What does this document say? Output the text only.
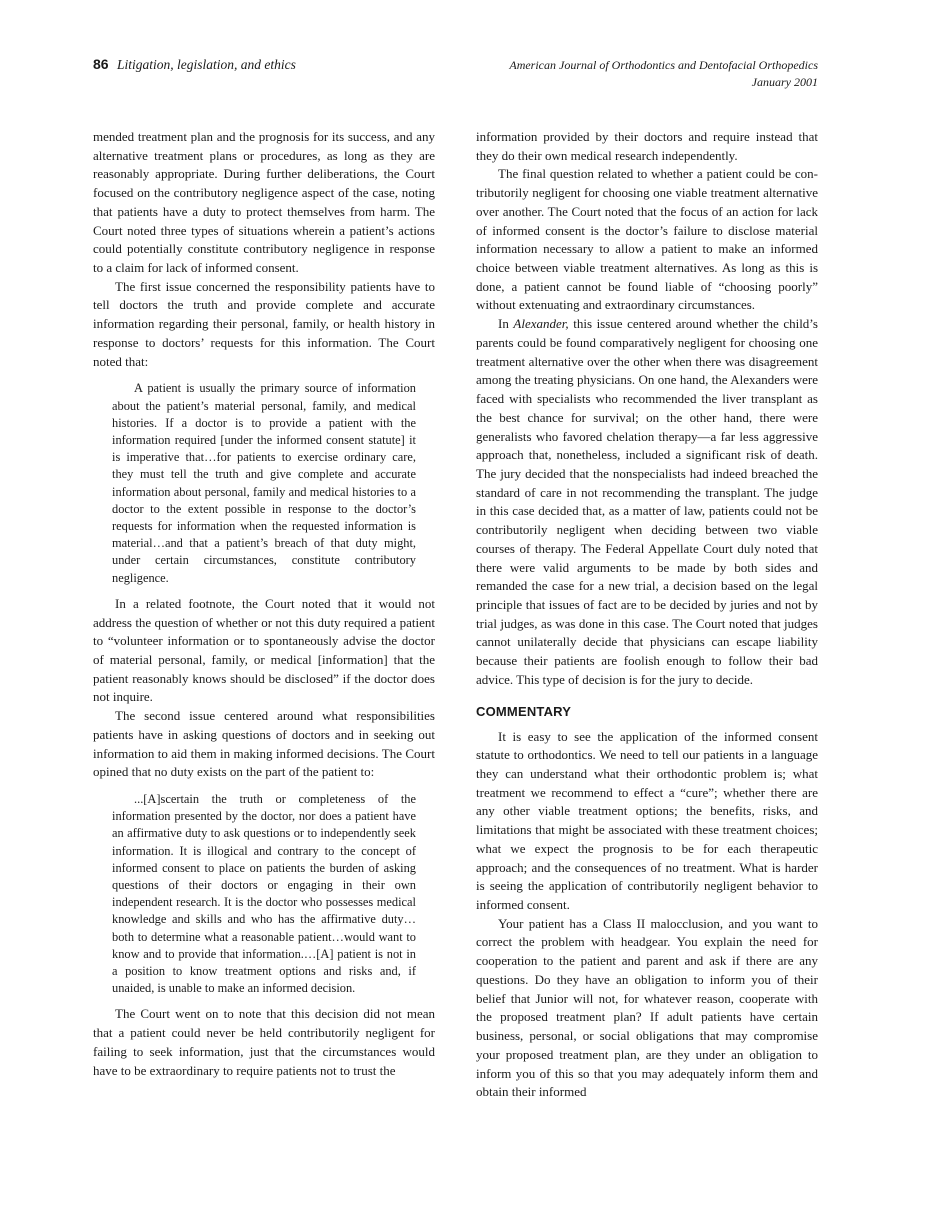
86 Litigation, legislation, and ethics	American Journal of Orthodontics and Dentofacial Orthopedics
January 2001

mended treatment plan and the prognosis for its success, and any alternative treatment plans or procedures, as long as they are reasonably appropriate. During further deliberations, the Court focused on the contributory negligence aspect of the case, noting that patients have a duty to protect themselves from harm. The Court noted three types of situations wherein a patient’s actions could potentially constitute contributory negligence in response to a claim for lack of informed consent.

The first issue concerned the responsibility patients have to tell doctors the truth and provide complete and accurate information regarding their personal, family, or health history in response to doctors’ requests for this information. The Court noted that:

A patient is usually the primary source of information about the patient’s material personal, family, and medical histories. If a doctor is to provide a patient with the information required [under the informed consent statute] it is imperative that…for patients to exercise ordinary care, they must tell the truth and give complete and accurate information about personal, family and medical histories to a doctor to the extent possible in response to the doctor’s requests for information when the requested information is material…and that a patient’s breach of that duty might, under certain circumstances, constitute contributory negligence.

In a related footnote, the Court noted that it would not address the question of whether or not this duty required a patient to “volunteer information or to spontaneously advise the doctor of material personal, family, or medical [information] that the patient reasonably knows should be disclosed” if the doctor does not inquire.

The second issue centered around what responsibilities patients have in asking questions of doctors and in seeking out information to aid them in making informed decisions. The Court opined that no duty exists on the part of the patient to:

...[A]scertain the truth or completeness of the information presented by the doctor, nor does a patient have an affirmative duty to ask questions or to independently seek information. It is illogical and contrary to the concept of informed consent to place on patients the burden of asking questions of their doctors or engaging in their own independent research. It is the doctor who possesses medical knowledge and skills and who has the affirmative duty…both to determine what a reasonable patient…would want to know and to provide that information.…[A] patient is not in a position to know treatment options and risks and, if unaided, is unable to make an informed decision.

The Court went on to note that this decision did not mean that a patient could never be held contributorily negligent for failing to seek information, just that the circumstances would have to be extraordinary to require patients not to trust the

information provided by their doctors and require instead that they do their own medical research independently.

The final question related to whether a patient could be contributorily negligent for choosing one viable treatment alternative over another. The Court noted that the focus of an action for lack of informed consent is the doctor’s failure to disclose material information necessary to allow a patient to make an informed choice between viable treatment alternatives. As long as this is done, a patient cannot be found liable of “choosing poorly” without extenuating and extraordinary circumstances.

In Alexander, this issue centered around whether the child’s parents could be found comparatively negligent for choosing one treatment alternative over the other when there was disagreement among the treating physicians. On one hand, the Alexanders were faced with specialists who recommended the liver transplant as the best chance for survival; on the other hand, there were generalists who favored chelation therapy—a far less aggressive approach that, nonetheless, included a significant risk of death. The jury decided that the nonspecialists had indeed breached the standard of care in not recommending the transplant. The judge in this case decided that, as a matter of law, patients could not be contributorily negligent when deciding between two viable courses of therapy. The Federal Appellate Court duly noted that there were valid arguments to be made by both sides and remanded the case for a new trial, a decision based on the legal principle that issues of fact are to be decided by juries and not by trial judges, as was done in this case. The Court noted that judges cannot unilaterally decide that physicians can escape liability because their patients are foolish enough to follow their bad advice. This type of decision is for the jury to decide.

COMMENTARY

It is easy to see the application of the informed consent statute to orthodontics. We need to tell our patients in a language they can understand what their orthodontic problem is; what treatment we recommend to effect a “cure”; whether there are any other viable treatment options; the benefits, risks, and limitations that might be associated with these treatment choices; what we expect the prognosis to be for each therapeutic approach; and the consequences of no treatment. What is harder is seeing the application of contributorily negligent behavior to informed consent.

Your patient has a Class II malocclusion, and you want to correct the problem with headgear. You explain the need for cooperation to the patient and parent and ask if there are any questions. Do they have an obligation to inform you of their belief that Junior will not, for whatever reason, cooperate with the proposed treatment plan? If adult patients have certain business, personal, or social obligations that may compromise your proposed treatment plan, are they under an obligation to inform you of this so that you may adequately inform them and obtain their informed
